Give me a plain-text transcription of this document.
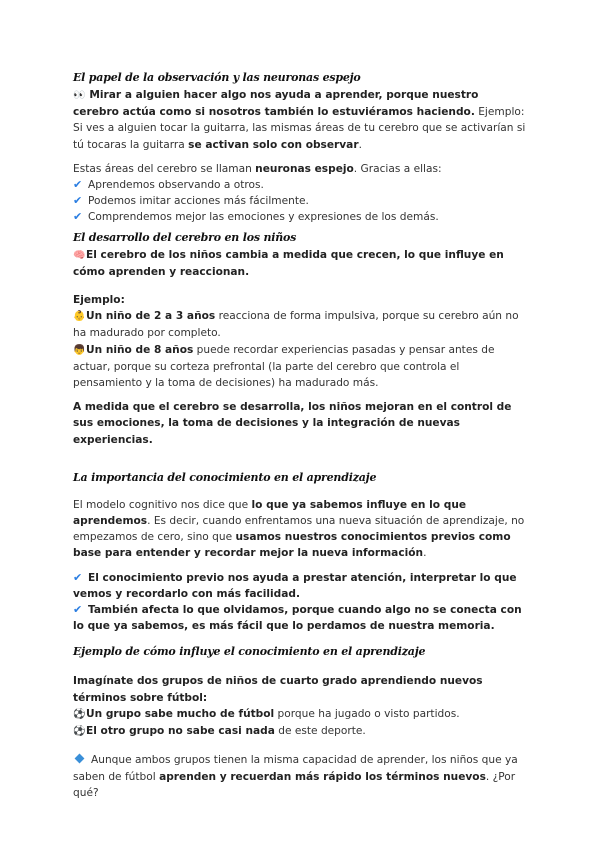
El papel de la observación y las neuronas espejo

👀 Mirar a alguien hacer algo nos ayuda a aprender, porque nuestro cerebro actúa como si nosotros también lo estuviéramos haciendo. Ejemplo: Si ves a alguien tocar la guitarra, las mismas áreas de tu cerebro que se activarían si tú tocaras la guitarra se activan solo con observar.

Estas áreas del cerebro se llaman neuronas espejo. Gracias a ellas:

✔ Aprendemos observando a otros.

✔ Podemos imitar acciones más fácilmente.

✔ Comprendemos mejor las emociones y expresiones de los demás.

El desarrollo del cerebro en los niños

🧠El cerebro de los niños cambia a medida que crecen, lo que influye en cómo aprenden y reaccionan.

Ejemplo:

👶Un niño de 2 a 3 años reacciona de forma impulsiva, porque su cerebro aún no ha madurado por completo.

👦Un niño de 8 años puede recordar experiencias pasadas y pensar antes de actuar, porque su corteza prefrontal (la parte del cerebro que controla el pensamiento y la toma de decisiones) ha madurado más.

A medida que el cerebro se desarrolla, los niños mejoran en el control de sus emociones, la toma de decisiones y la integración de nuevas experiencias.

La importancia del conocimiento en el aprendizaje

El modelo cognitivo nos dice que lo que ya sabemos influye en lo que aprendemos. Es decir, cuando enfrentamos una nueva situación de aprendizaje, no empezamos de cero, sino que usamos nuestros conocimientos previos como base para entender y recordar mejor la nueva información.

✔ El conocimiento previo nos ayuda a prestar atención, interpretar lo que vemos y recordarlo con más facilidad.

✔ También afecta lo que olvidamos, porque cuando algo no se conecta con lo que ya sabemos, es más fácil que lo perdamos de nuestra memoria.

Ejemplo de cómo influye el conocimiento en el aprendizaje

Imagínate dos grupos de niños de cuarto grado aprendiendo nuevos términos sobre fútbol:

⚽Un grupo sabe mucho de fútbol porque ha jugado o visto partidos.

⚽El otro grupo no sabe casi nada de este deporte.

Aunque ambos grupos tienen la misma capacidad de aprender, los niños que ya saben de fútbol aprenden y recuerdan más rápido los términos nuevos. ¿Por qué?
